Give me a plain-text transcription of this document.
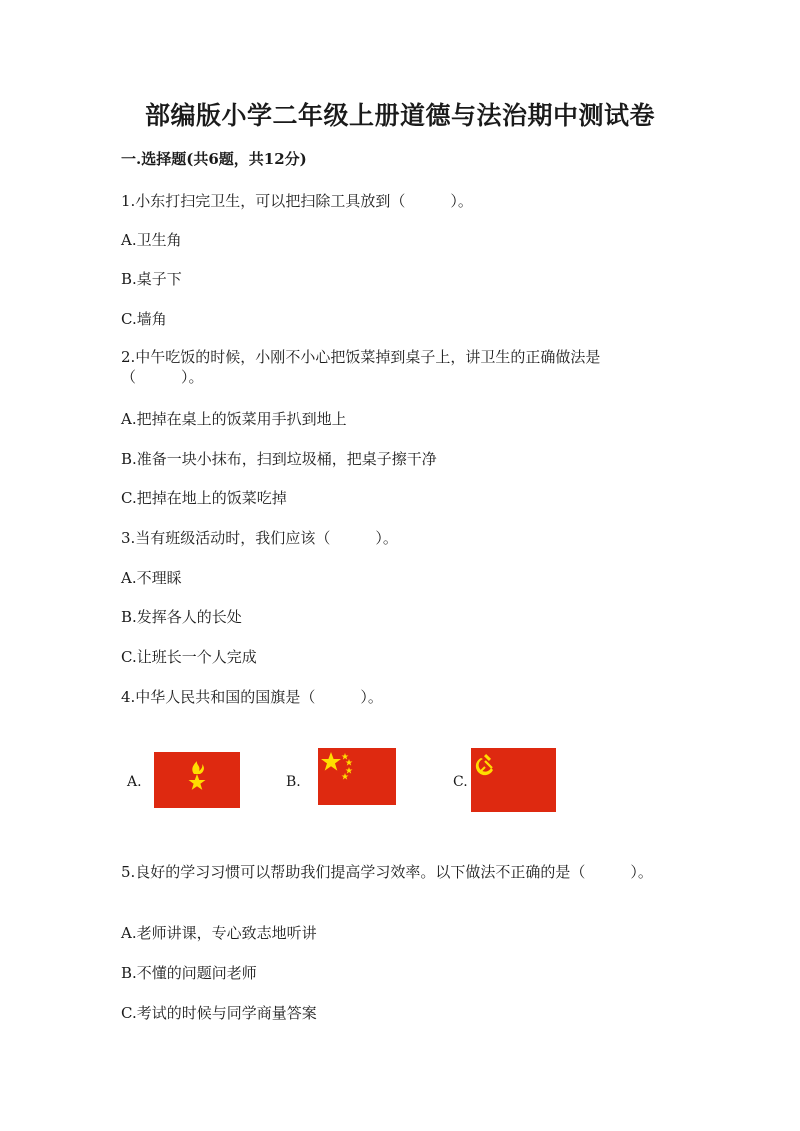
部编版小学二年级上册道德与法治期中测试卷
一.选择题(共6题，共12分)
1.小东打扫完卫生，可以把扫除工具放到（　　　）。
A.卫生角
B.桌子下
C.墙角
2.中午吃饭的时候，小刚不小心把饭菜掉到桌子上，讲卫生的正确做法是（　　　）。
A.把掉在桌上的饭菜用手扒到地上
B.准备一块小抹布，扫到垃圾桶，把桌子擦干净
C.把掉在地上的饭菜吃掉
3.当有班级活动时，我们应该（　　　）。
A.不理睬
B.发挥各人的长处
C.让班长一个人完成
4.中华人民共和国的国旗是（　　　）。
A.	B.	C.
5.良好的学习习惯可以帮助我们提高学习效率。以下做法不正确的是（　　　）。
A.老师讲课，专心致志地听讲
B.不懂的问题问老师
C.考试的时候与同学商量答案
